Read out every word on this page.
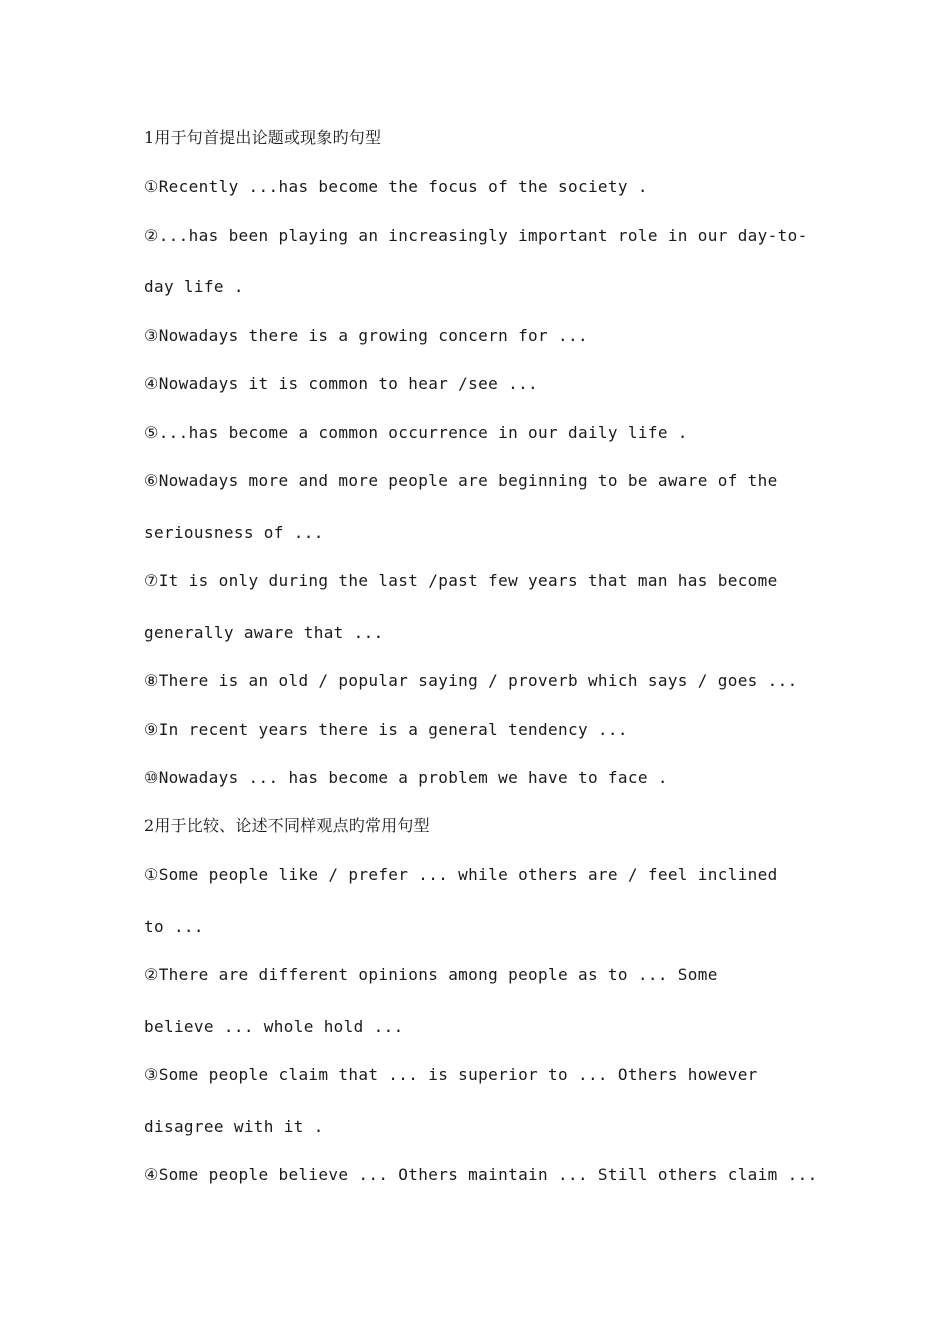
1用于句首提出论题或现象旳句型

①Recently ...has become the focus of the society .

②...has been playing an increasingly important role in our day-to-

day life .

③Nowadays there is a growing concern for ...

④Nowadays it is common to hear /see ...

⑤...has become a common occurrence in our daily life .

⑥Nowadays more and more people are beginning to be aware of the

seriousness of ...

⑦It is only during the last /past few years that man has become

generally aware that ...

⑧There is an old / popular saying / proverb which says / goes ...

⑨In recent years there is a general tendency ...

⑩Nowadays ... has become a problem we have to face .

2用于比较、论述不同样观点旳常用句型

①Some people like / prefer ... while others are / feel inclined

to ...

②There are different opinions among people as to ... Some

believe ... whole hold ...

③Some people claim that ... is superior to ... Others however

disagree with it .

④Some people believe ... Others maintain ... Still others claim ...
